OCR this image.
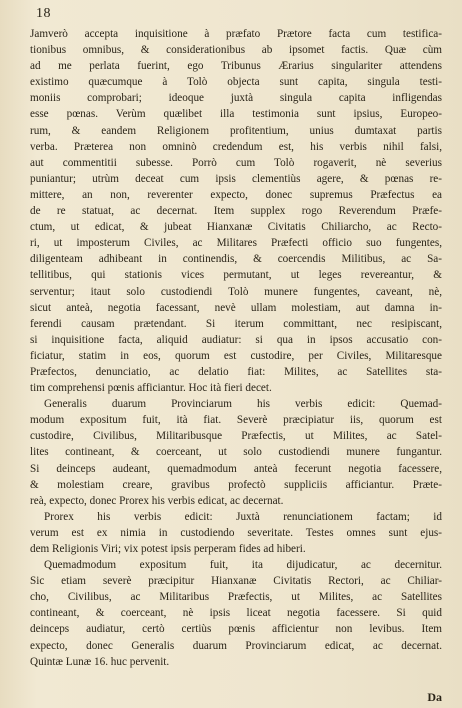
18
Jamverò accepta inquisitione à præfato Prætore facta cum testifica-
tionibus omnibus, & considerationibus ab ipsomet factis. Quæ cùm
ad me perlata fuerint, ego Tribunus Ærarius singulariter attendens
existimo quæcumque à Tolò objecta sunt capita, singula testi-
moniis comprobari; ideoque juxtà singula capita infligendas
esse pœnas. Verùm quælibet illa testimonia sunt ipsius, Europeo-
rum, & eandem Religionem profitentium, unius dumtaxat partis
verba. Præterea non omninò credendum est, his verbis nihil falsi,
aut commentitii subesse. Porrò cum Tolò rogaverit, nè severius
puniantur; utrùm deceat cum ipsis clementiùs agere, & pœnas re-
mittere, an non, reverenter expecto, donec supremus Præfectus ea
de re statuat, ac decernat. Item supplex rogo Reverendum Præfe-
ctum, ut edicat, & jubeat Hianxanæ Civitatis Chiliarcho, ac Recto-
ri, ut imposterum Civiles, ac Militares Præfecti officio suo fungentes,
diligenteam adhibeant in continendis, & coercendis Militibus, ac Sa-
tellitibus, qui stationis vices permutant, ut leges revereantur, &
serventur; itaut solo custodiendi Tolò munere fungentes, caveant, nè,
sicut anteà, negotia facessant, nevè ullam molestiam, aut damna in-
ferendi causam prætendant. Si iterum committant, nec resipiscant,
si inquisitione facta, aliquid audiatur: si qua in ipsos accusatio con-
ficiatur, statim in eos, quorum est custodire, per Civiles, Militaresque
Præfectos, denunciatio, ac delatio fiat: Milites, ac Satellites sta-
tim comprehensi pœnis afficiantur. Hoc ità fieri decet.
Generalis duarum Provinciarum his verbis edicit: Quemad-
modum expositum fuit, ità fiat. Severè præcipiatur iis, quorum est
custodire, Civilibus, Militaribusque Præfectis, ut Milites, ac Satel-
lites contineant, & coerceant, ut solo custodiendi munere fungantur.
Si deinceps audeant, quemadmodum anteà fecerunt negotia facessere,
& molestiam creare, gravibus profectò suppliciis afficiantur. Præte-
reà, expecto, donec Prorex his verbis edicat, ac decernat.
Prorex his verbis edicit: Juxtà renunciationem factam; id
verum est ex nimia in custodiendo severitate. Testes omnes sunt ejus-
dem Religionis Viri; vix potest ipsis perperam fides ad hiberi.
Quemadmodum expositum fuit, ita dijudicatur, ac decernitur.
Sic etiam severè præcipitur Hianxanæ Civitatis Rectori, ac Chiliar-
cho, Civilibus, ac Militaribus Præfectis, ut Milites, ac Satellites
contineant, & coerceant, nè ipsis liceat negotia facessere. Si quid
deinceps audiatur, certò certiùs pœnis afficientur non levibus. Item
expecto, donec Generalis duarum Provinciarum edicat, ac decernat.
Quintæ Lunæ 16. huc pervenit.
Da
